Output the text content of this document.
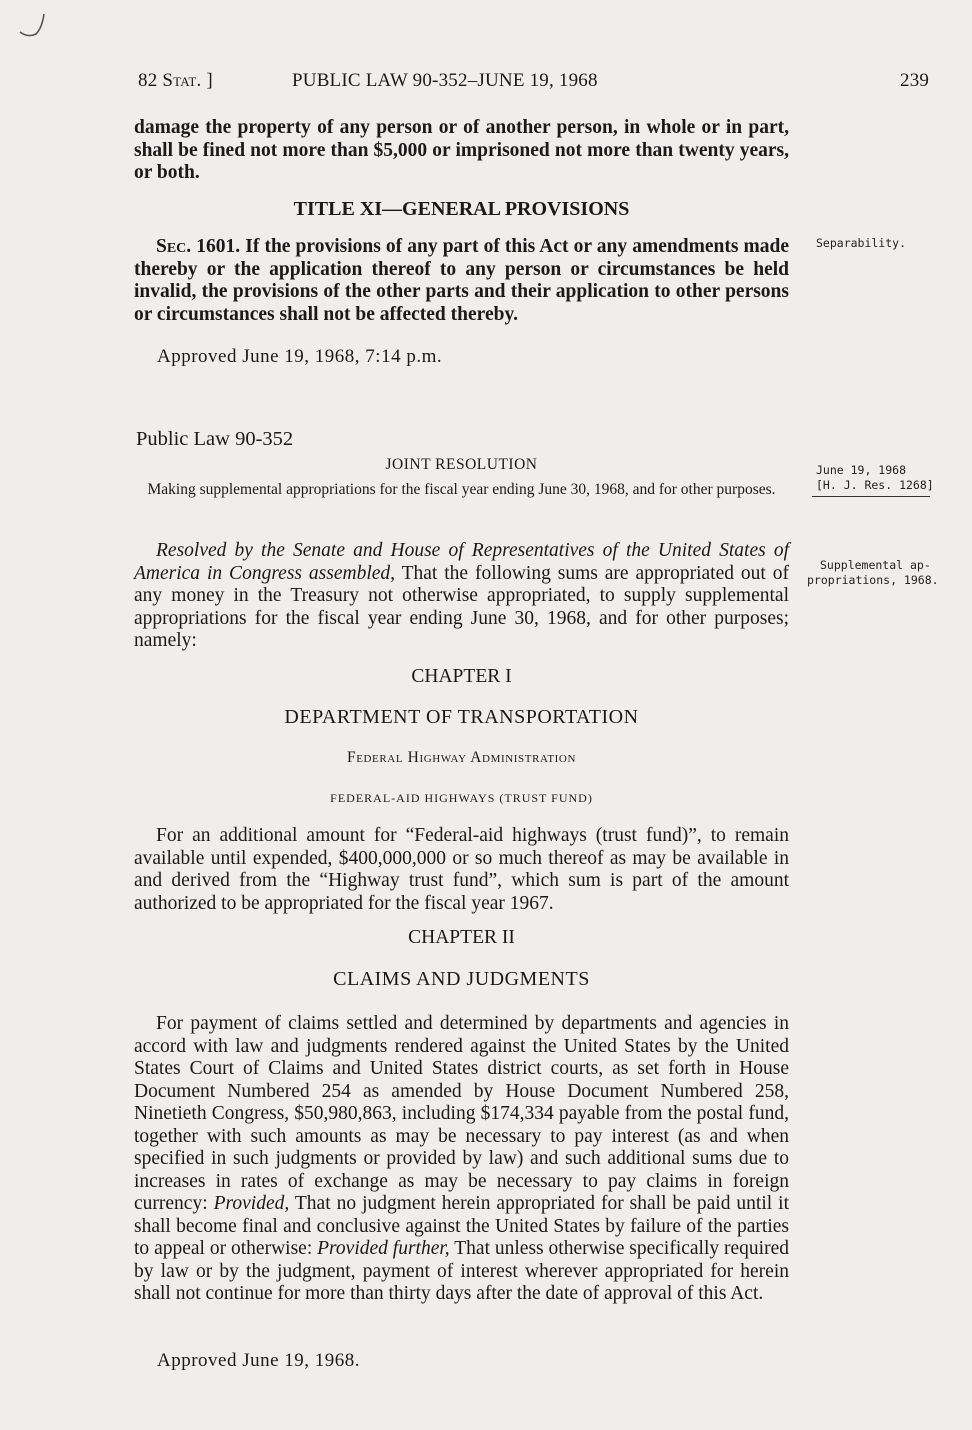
82 Stat. ]	PUBLIC LAW 90-352–JUNE 19, 1968	239
damage the property of any person or of another person, in whole or in part, shall be fined not more than $5,000 or imprisoned not more than twenty years, or both.
TITLE XI—GENERAL PROVISIONS
Sec. 1601. If the provisions of any part of this Act or any amendments made thereby or the application thereof to any person or circumstances be held invalid, the provisions of the other parts and their application to other persons or circumstances shall not be affected thereby.
Approved June 19, 1968, 7:14 p.m.
Public Law 90-352
JOINT RESOLUTION
Making supplemental appropriations for the fiscal year ending June 30, 1968, and for other purposes.
Resolved by the Senate and House of Representatives of the United States of America in Congress assembled, That the following sums are appropriated out of any money in the Treasury not otherwise appropriated, to supply supplemental appropriations for the fiscal year ending June 30, 1968, and for other purposes; namely:
CHAPTER I
DEPARTMENT OF TRANSPORTATION
Federal Highway Administration
FEDERAL-AID HIGHWAYS (TRUST FUND)
For an additional amount for “Federal-aid highways (trust fund)”, to remain available until expended, $400,000,000 or so much thereof as may be available in and derived from the “Highway trust fund”, which sum is part of the amount authorized to be appropriated for the fiscal year 1967.
CHAPTER II
CLAIMS AND JUDGMENTS
For payment of claims settled and determined by departments and agencies in accord with law and judgments rendered against the United States by the United States Court of Claims and United States district courts, as set forth in House Document Numbered 254 as amended by House Document Numbered 258, Ninetieth Congress, $50,980,863, including $174,334 payable from the postal fund, together with such amounts as may be necessary to pay interest (as and when specified in such judgments or provided by law) and such additional sums due to increases in rates of exchange as may be necessary to pay claims in foreign currency: Provided, That no judgment herein appropriated for shall be paid until it shall become final and conclusive against the United States by failure of the parties to appeal or otherwise: Provided further, That unless otherwise specifically required by law or by the judgment, payment of interest wherever appropriated for herein shall not continue for more than thirty days after the date of approval of this Act.
Approved June 19, 1968.
Separability.
June 19, 1968
[H. J. Res. 1268]
Supplemental ap-
propriations, 1968.
